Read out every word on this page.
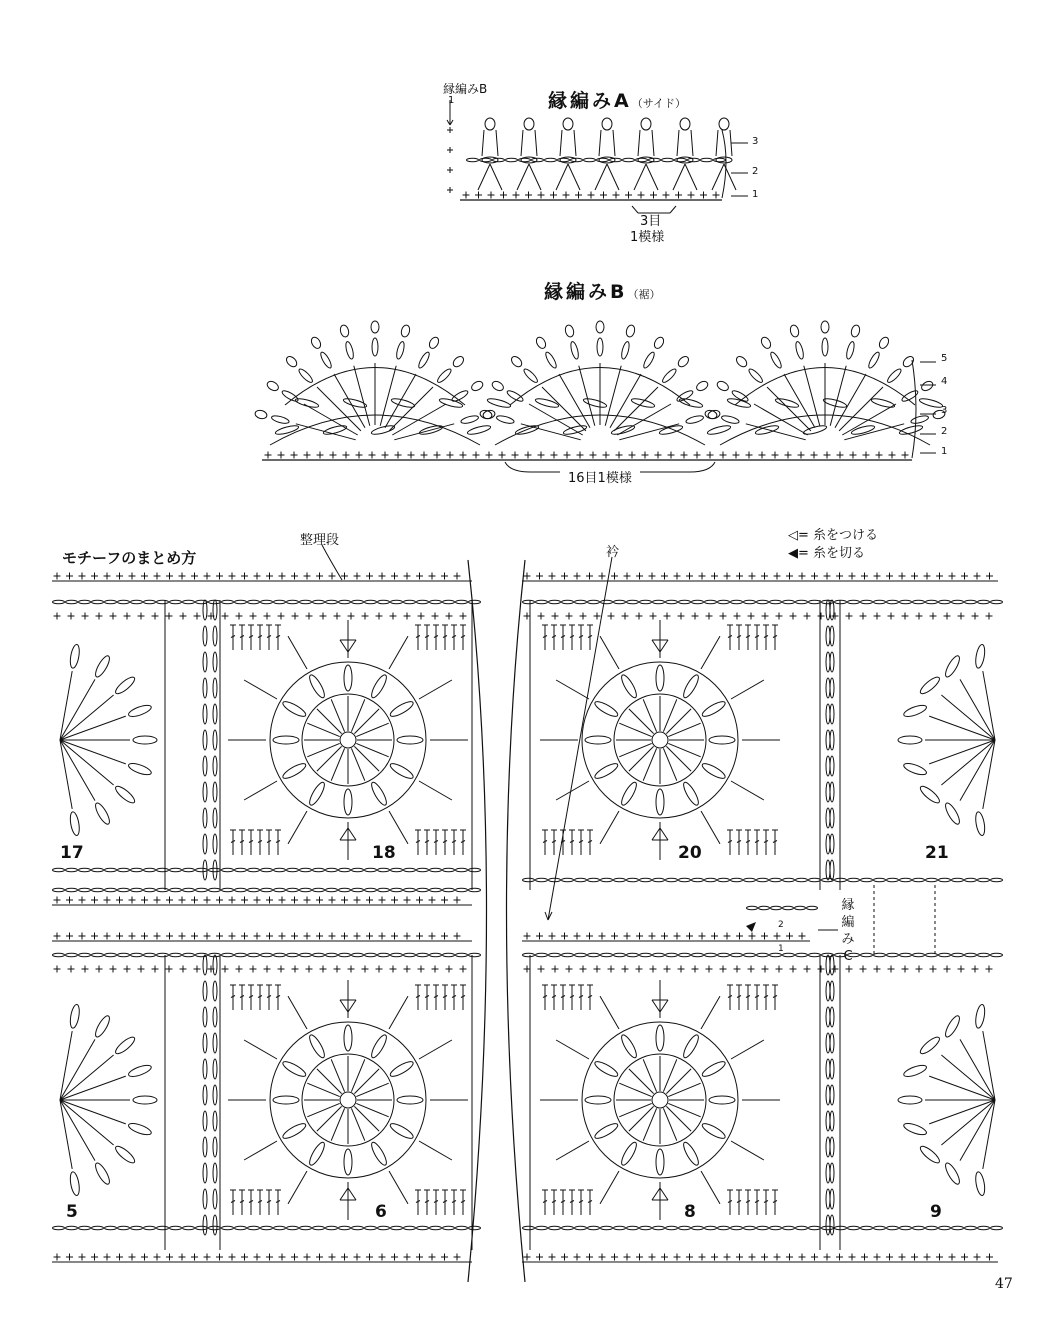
縁編みB
1	縁編みA（サイド）
3
2
1
3目
1模様
縁編みB（裾）
5
4
3
2
1
16目1模様
モチーフのまとめ方
整理段
衿
◁= 糸をつける
◀= 糸を切る
縁
編
み
C
2
1
17	18	20	21
5	6	8	9
47
